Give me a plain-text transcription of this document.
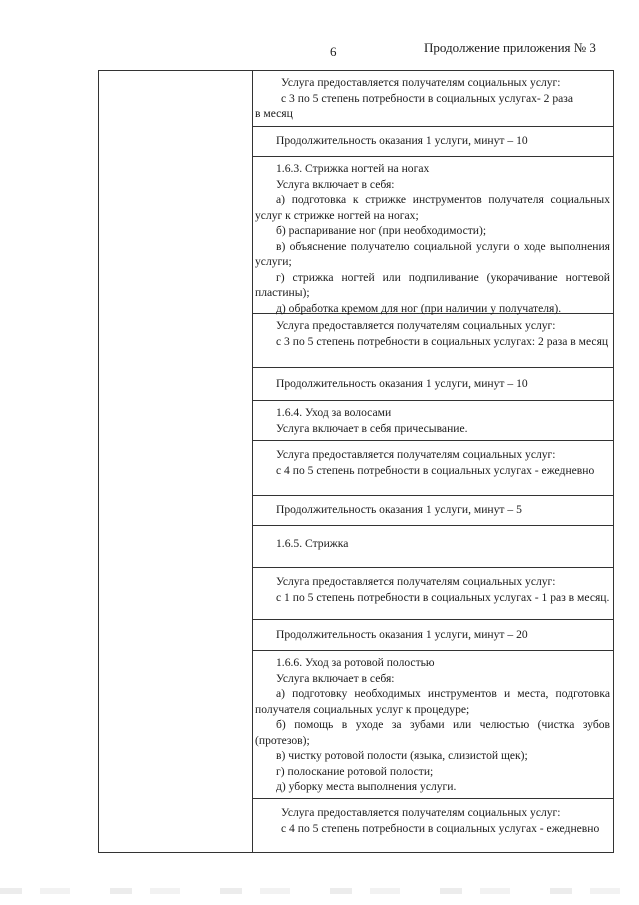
6	Продолжение приложения № 3

Услуга предоставляется получателям социальных услуг:

с 3 по 5 степень потребности в социальных услугах- 2 раза

в месяц

Продолжительность оказания 1 услуги, минут – 10

1.6.3. Стрижка ногтей на ногах

Услуга включает в себя:

а) подготовка к стрижке инструментов получателя социальных услуг к стрижке ногтей на ногах;

б) распаривание ног (при необходимости);

в) объяснение получателю социальной услуги о ходе выполнения услуги;

г) стрижка ногтей или подпиливание (укорачивание ногтевой пластины);

д) обработка кремом для ног (при наличии у получателя).

Услуга предоставляется получателям социальных услуг:

с 3 по 5 степень потребности в социальных услугах: 2 раза в месяц

Продолжительность оказания 1 услуги, минут – 10

1.6.4. Уход за волосами

Услуга включает в себя причесывание.

Услуга предоставляется получателям социальных услуг:

с 4 по 5 степень потребности в социальных услугах - ежедневно

Продолжительность оказания 1 услуги, минут – 5

1.6.5. Стрижка

Услуга предоставляется получателям социальных услуг:

с 1 по 5 степень потребности в социальных услугах - 1 раз в месяц.

Продолжительность оказания 1 услуги, минут – 20

1.6.6. Уход за ротовой полостью

Услуга включает в себя:

а) подготовку необходимых инструментов и места, подготовка получателя социальных услуг к процедуре;

б) помощь в уходе за зубами или челюстью (чистка зубов (протезов);

в) чистку ротовой полости (языка, слизистой щек);

г) полоскание ротовой полости;

д) уборку места выполнения услуги.

Услуга предоставляется получателям социальных услуг:

с 4 по 5 степень потребности в социальных услугах - ежедневно
